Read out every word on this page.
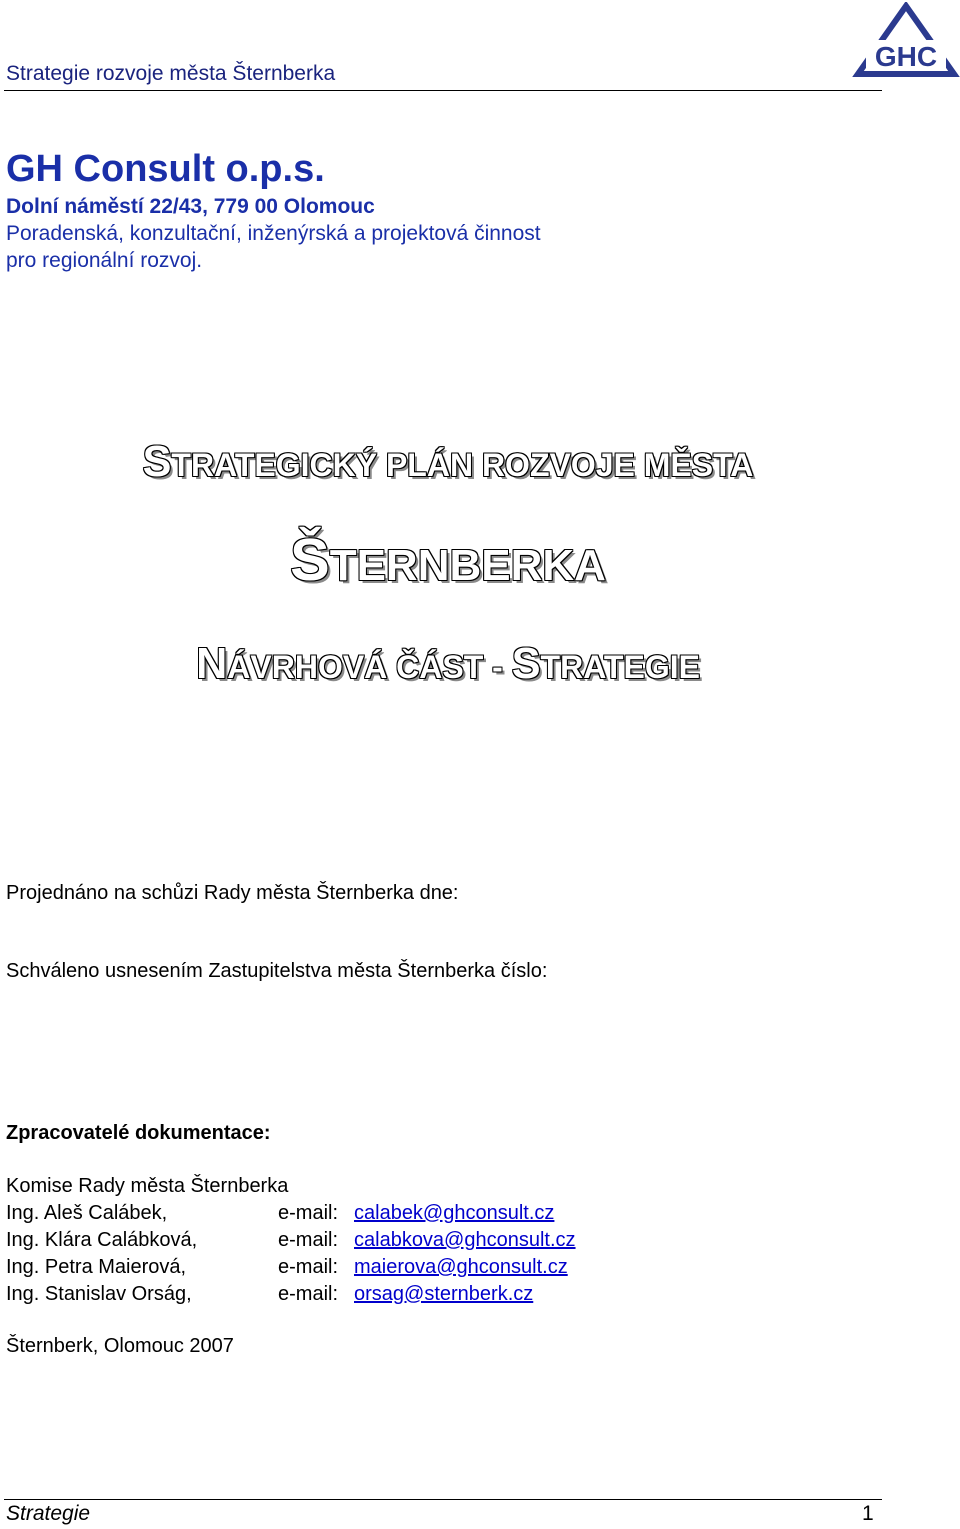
Strategie rozvoje města Šternberka
GHC
GH Consult o.p.s.
Dolní náměstí 22/43, 779 00 Olomouc
Poradenská, konzultační, inženýrská a projektová činnost
pro regionální rozvoj.
STRATEGICKÝ PLÁN ROZVOJE MĚSTA
ŠTERNBERKA
NÁVRHOVÁ ČÁST - STRATEGIE
Projednáno na schůzi Rady města Šternberka dne:
Schváleno usnesením Zastupitelstva města Šternberka číslo:
Zpracovatelé dokumentace:
Komise Rady města Šternberka
Ing. Aleš Calábek,	e-mail: calabek@ghconsult.cz
Ing. Klára Calábková,	e-mail: calabkova@ghconsult.cz
Ing. Petra Maierová,	e-mail: maierova@ghconsult.cz
Ing. Stanislav Orság,	e-mail: orsag@sternberk.cz
Šternberk, Olomouc 2007
Strategie	1
